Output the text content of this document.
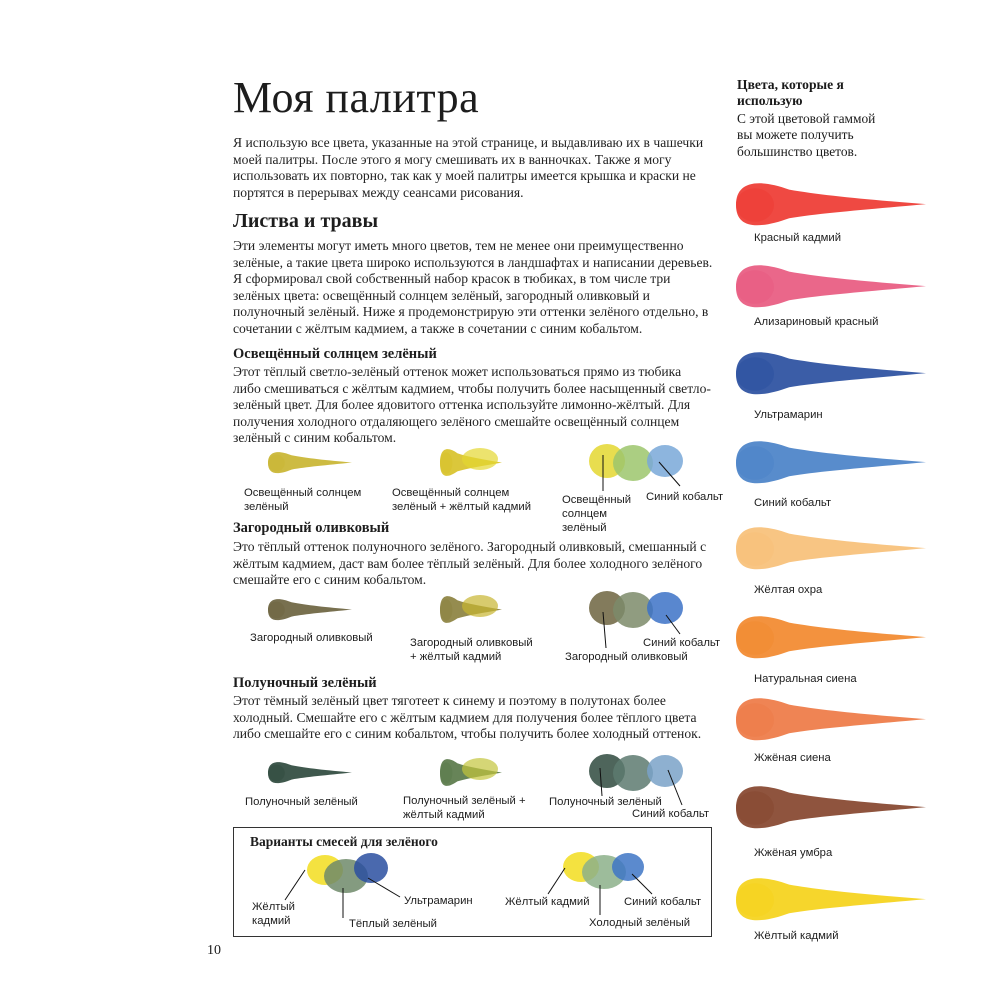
Моя палитра
Я использую все цвета, указанные на этой странице, и выдавливаю их в чашечки моей палитры. После этого я могу смешивать их в ванночках. Также я могу использовать их повторно, так как у моей палитры имеется крышка и краски не портятся в перерывах между сеансами рисования.
Листва и травы
Эти элементы могут иметь много цветов, тем не менее они преимущественно зелёные, а такие цвета широко используются в ландшафтах и написании деревьев. Я сформировал свой собственный набор красок в тюбиках, в том числе три зелёных цвета: освещённый солнцем зелёный, загородный оливковый и полуночный зелёный. Ниже я продемонстрирую эти оттенки зелёного отдельно, в сочетании с жёлтым кадмием, а также в сочетании с синим кобальтом.
Освещённый солнцем зелёный
Этот тёплый светло-зелёный оттенок может использоваться прямо из тюбика либо смешиваться с жёлтым кадмием, чтобы получить более насыщенный светло-зелёный цвет. Для более ядовитого оттенка используйте лимонно-жёлтый. Для получения холодного отдаляющего зелёного смешайте освещённый солнцем зелёный с синим кобальтом.
Освещённый солнцем зелёный
Освещённый солнцем зелёный + жёлтый кадмий
Освещённый солнцем зелёный
Синий кобальт
Загородный оливковый
Это тёплый оттенок полуночного зелёного. Загородный оливковый, смешанный с жёлтым кадмием, даст вам более тёплый зелёный. Для более холодного зелёного смешайте его с синим кобальтом.
Загородный оливковый	Загородный оливковый + жёлтый кадмий
Синий кобальт
Загородный оливковый
Полуночный зелёный
Этот тёмный зелёный цвет тяготеет к синему и поэтому в полутонах более холодный. Смешайте его с жёлтым кадмием для получения более тёплого цвета либо смешайте его с синим кобальтом, чтобы получить более холодный оттенок.
Полуночный зелёный	Полуночный зелёный + жёлтый кадмий
Полуночный зелёный
Синий кобальт
Варианты смесей для зелёного
Жёлтый кадмий	Тёплый зелёный
Ультрамарин	Жёлтый кадмий
Холодный зелёный
Синий кобальт
Цвета, которые я использую
С этой цветовой гаммой вы можете получить большинство цветов.
Красный кадмий
Ализариновый красный
Ультрамарин
Синий кобальт
Жёлтая охра
Натуральная сиена
Жжёная сиена
Жжёная умбра
Жёлтый кадмий
10
